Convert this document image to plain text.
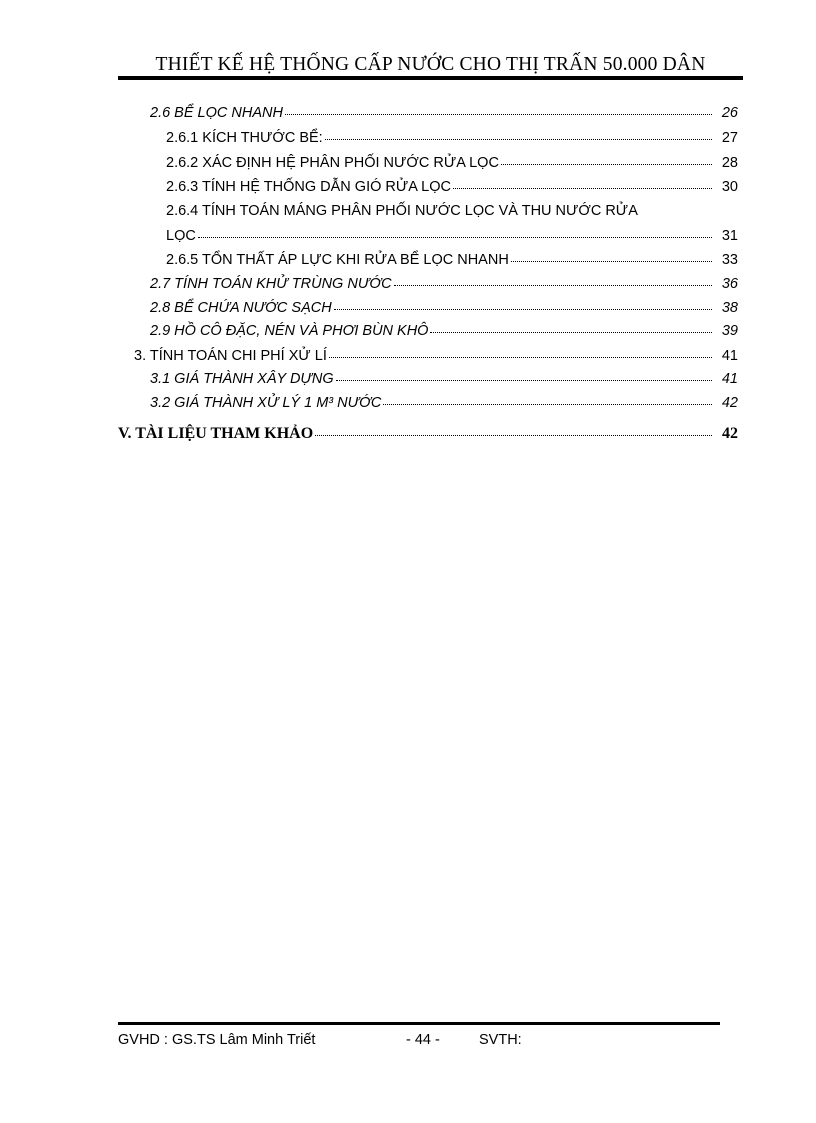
THIẾT KẾ HỆ THỐNG CẤP NƯỚC CHO THỊ TRẤN 50.000 DÂN
2.6 BỂ LỌC NHANH	26
2.6.1 KÍCH THƯỚC BỂ:	27
2.6.2 XÁC ĐỊNH HỆ PHÂN PHỐI NƯỚC RỬA LỌC	28
2.6.3 TÍNH HỆ THỐNG DẪN GIÓ RỬA LỌC	30
2.6.4 TÍNH TOÁN MÁNG PHÂN PHỐI NƯỚC LỌC VÀ THU NƯỚC RỬA
LỌC	31
2.6.5 TỔN THẤT ÁP LỰC KHI RỬA BỂ LỌC NHANH	33
2.7 TÍNH TOÁN KHỬ TRÙNG NƯỚC	36
2.8 BỂ CHỨA NƯỚC SẠCH	38
2.9 HỒ CÔ ĐẶC, NÉN VÀ PHƠI BÙN KHÔ	39
3. TÍNH TOÁN CHI PHÍ XỬ LÍ	41
3.1 GIÁ THÀNH XÂY DỰNG	41
3.2 GIÁ THÀNH XỬ LÝ 1 M³ NƯỚC	42
V. TÀI LIỆU THAM KHẢO	42
GVHD : GS.TS Lâm Minh Triết	- 44 -	SVTH:
